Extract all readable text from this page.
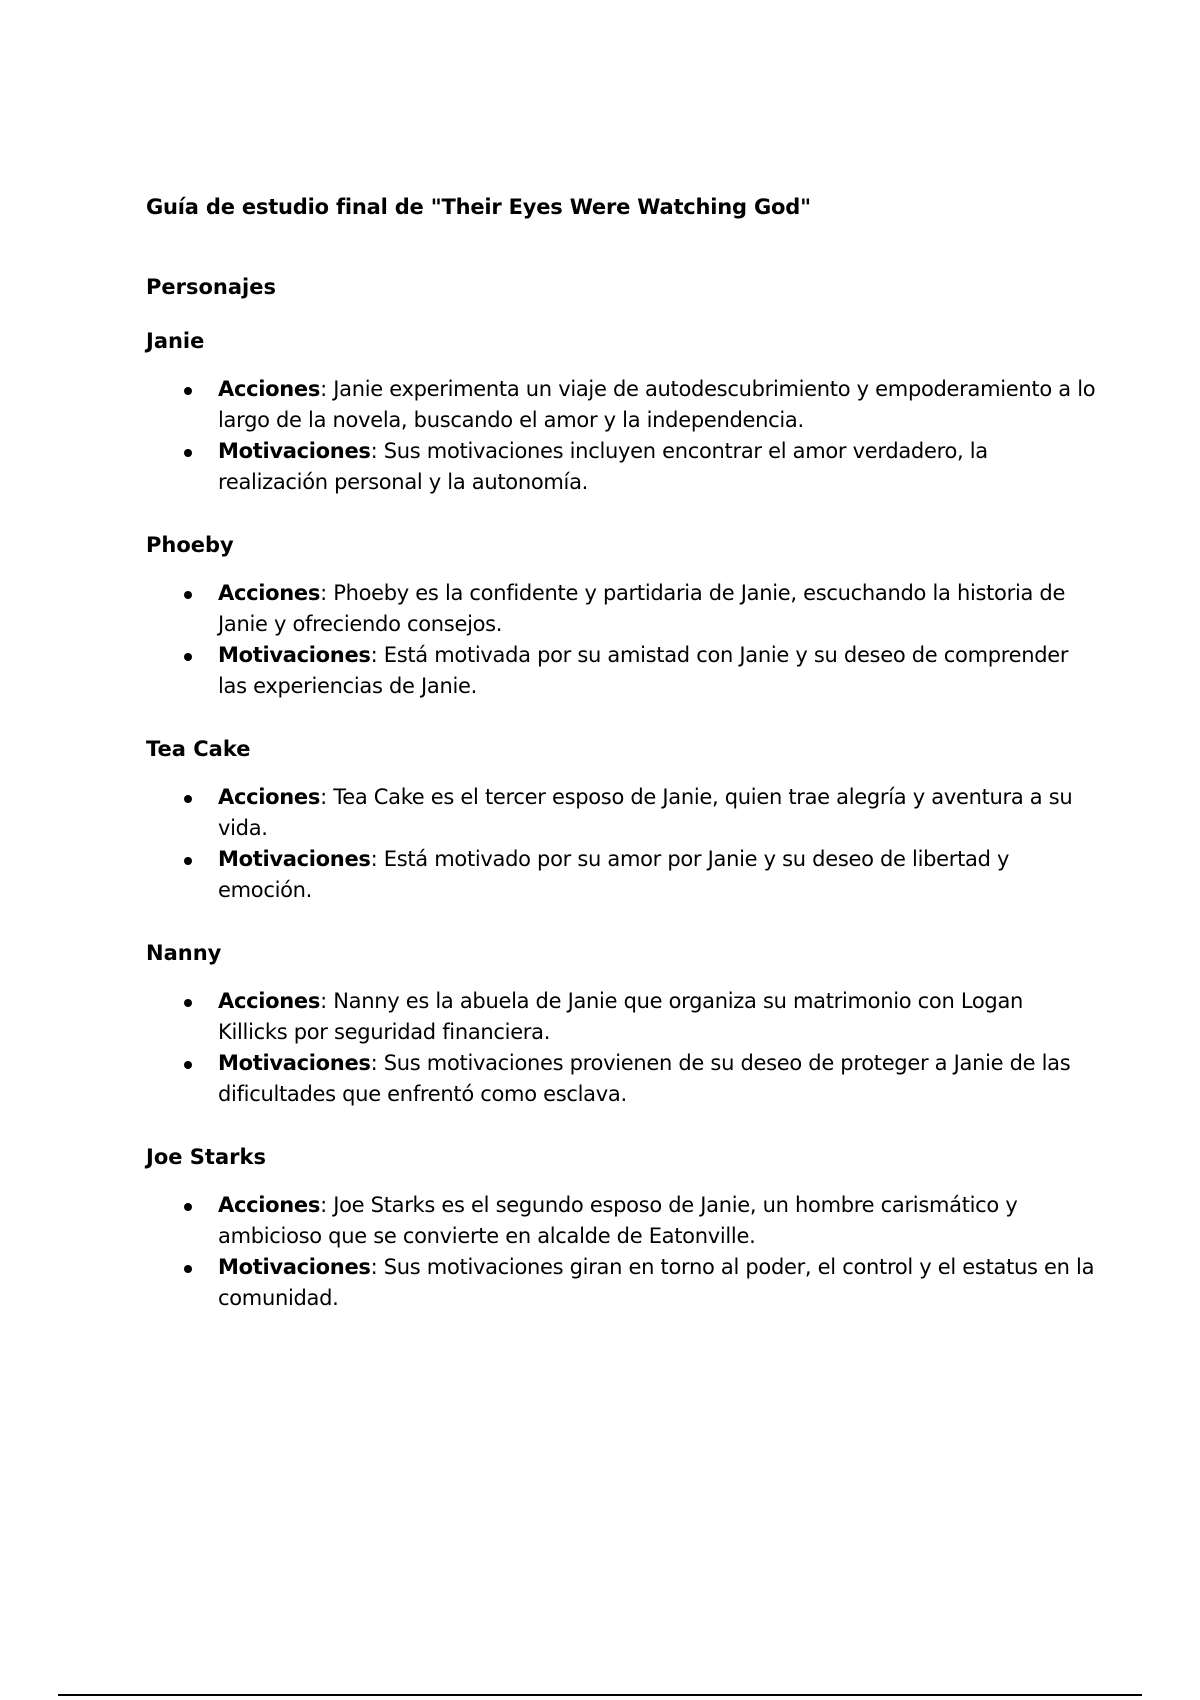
Guía de estudio final de "Their Eyes Were Watching God"
Personajes
Janie
Acciones: Janie experimenta un viaje de autodescubrimiento y empoderamiento a lo largo de la novela, buscando el amor y la independencia.
Motivaciones: Sus motivaciones incluyen encontrar el amor verdadero, la realización personal y la autonomía.
Phoeby
Acciones: Phoeby es la confidente y partidaria de Janie, escuchando la historia de Janie y ofreciendo consejos.
Motivaciones: Está motivada por su amistad con Janie y su deseo de comprender las experiencias de Janie.
Tea Cake
Acciones: Tea Cake es el tercer esposo de Janie, quien trae alegría y aventura a su vida.
Motivaciones: Está motivado por su amor por Janie y su deseo de libertad y emoción.
Nanny
Acciones: Nanny es la abuela de Janie que organiza su matrimonio con Logan Killicks por seguridad financiera.
Motivaciones: Sus motivaciones provienen de su deseo de proteger a Janie de las dificultades que enfrentó como esclava.
Joe Starks
Acciones: Joe Starks es el segundo esposo de Janie, un hombre carismático y ambicioso que se convierte en alcalde de Eatonville.
Motivaciones: Sus motivaciones giran en torno al poder, el control y el estatus en la comunidad.
